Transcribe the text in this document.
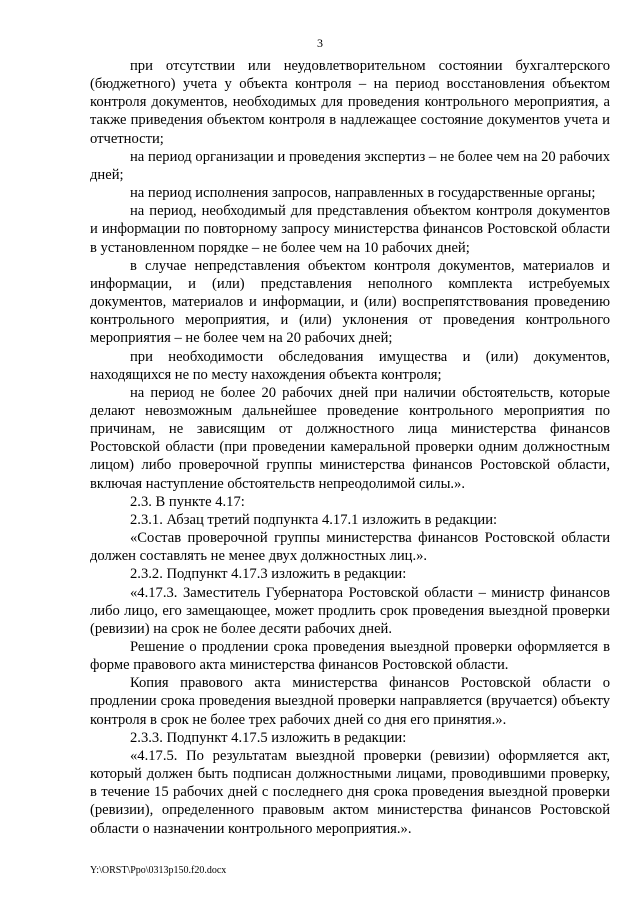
3

при отсутствии или неудовлетворительном состоянии бухгалтерского (бюджетного) учета у объекта контроля – на период восстановления объектом контроля документов, необходимых для проведения контрольного мероприятия, а также приведения объектом контроля в надлежащее состояние документов учета и отчетности;

на период организации и проведения экспертиз – не более чем на 20 рабочих дней;

на период исполнения запросов, направленных в государственные органы;

на период, необходимый для представления объектом контроля документов и информации по повторному запросу министерства финансов Ростовской области в установленном порядке – не более чем на 10 рабочих дней;

в случае непредставления объектом контроля документов, материалов и информации, и (или) представления неполного комплекта истребуемых документов, материалов и информации, и (или) воспрепятствования проведению контрольного мероприятия, и (или) уклонения от проведения контрольного мероприятия – не более чем на 20 рабочих дней;

при необходимости обследования имущества и (или) документов, находящихся не по месту нахождения объекта контроля;

на период не более 20 рабочих дней при наличии обстоятельств, которые делают невозможным дальнейшее проведение контрольного мероприятия по причинам, не зависящим от должностного лица министерства финансов Ростовской области (при проведении камеральной проверки одним должностным лицом) либо проверочной группы министерства финансов Ростовской области, включая наступление обстоятельств непреодолимой силы.».

2.3. В пункте 4.17:

2.3.1. Абзац третий подпункта 4.17.1 изложить в редакции:

«Состав проверочной группы министерства финансов Ростовской области должен составлять не менее двух должностных лиц.».

2.3.2. Подпункт 4.17.3 изложить в редакции:

«4.17.3. Заместитель Губернатора Ростовской области – министр финансов либо лицо, его замещающее, может продлить срок проведения выездной проверки (ревизии) на срок не более десяти рабочих дней.

Решение о продлении срока проведения выездной проверки оформляется в форме правового акта министерства финансов Ростовской области.

Копия правового акта министерства финансов Ростовской области о продлении срока проведения выездной проверки направляется (вручается) объекту контроля в срок не более трех рабочих дней со дня его принятия.».

2.3.3. Подпункт 4.17.5 изложить в редакции:

«4.17.5. По результатам выездной проверки (ревизии) оформляется акт, который должен быть подписан должностными лицами, проводившими проверку, в течение 15 рабочих дней с последнего дня срока проведения выездной проверки (ревизии), определенного правовым актом министерства финансов Ростовской области о назначении контрольного мероприятия.».

Y:\ORST\Ppo\0313p150.f20.docx
